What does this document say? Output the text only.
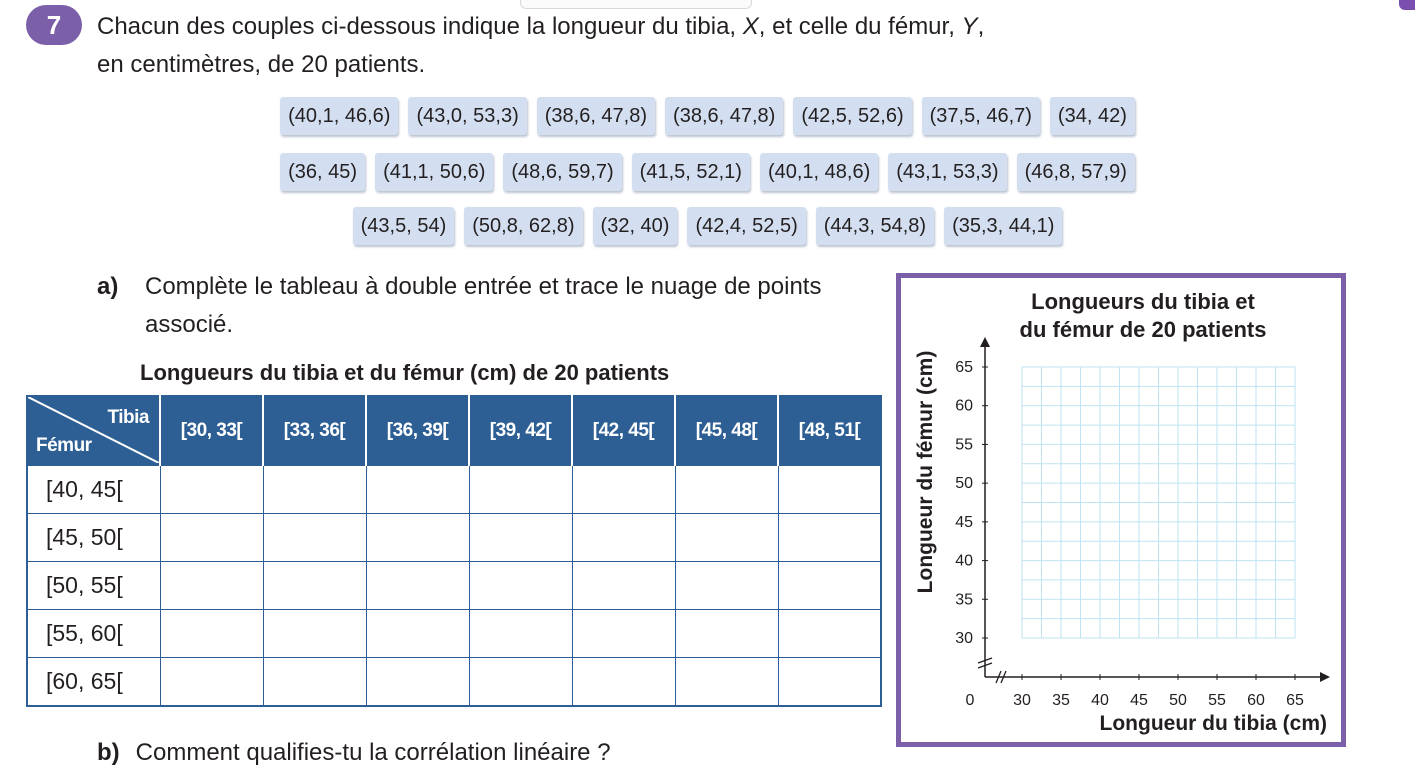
7	Chacun des couples ci-dessous indique la longueur du tibia, X, et celle du fémur, Y,
en centimètres, de 20 patients.
(40,1, 46,6)	(43,0, 53,3)	(38,6, 47,8)	(38,6, 47,8)	(42,5, 52,6)	(37,5, 46,7)	(34, 42)
(36, 45)	(41,1, 50,6)	(48,6, 59,7)	(41,5, 52,1)	(40,1, 48,6)	(43,1, 53,3)	(46,8, 57,9)
(43,5, 54)	(50,8, 62,8)	(32, 40)	(42,4, 52,5)	(44,3, 54,8)	(35,3, 44,1)
a) Complète le tableau à double entrée et trace le nuage de points associé.
Longueurs du tibia et du fémur (cm) de 20 patients
Tibia
Fémur	[30, 33[	[33, 36[	[36, 39[	[39, 42[	[42, 45[	[45, 48[	[48, 51[
[40, 45[							
[45, 50[							
[50, 55[							
[55, 60[							
[60, 65[							
b) Comment qualifies-tu la corrélation linéaire ?
Longueurs du tibia et
du fémur de 20 patients
30 35 40 45 50 55 60 65
30
35
40
45
50
55
60
65
0
Longueur du tibia (cm)
Longueur du fémur (cm)
